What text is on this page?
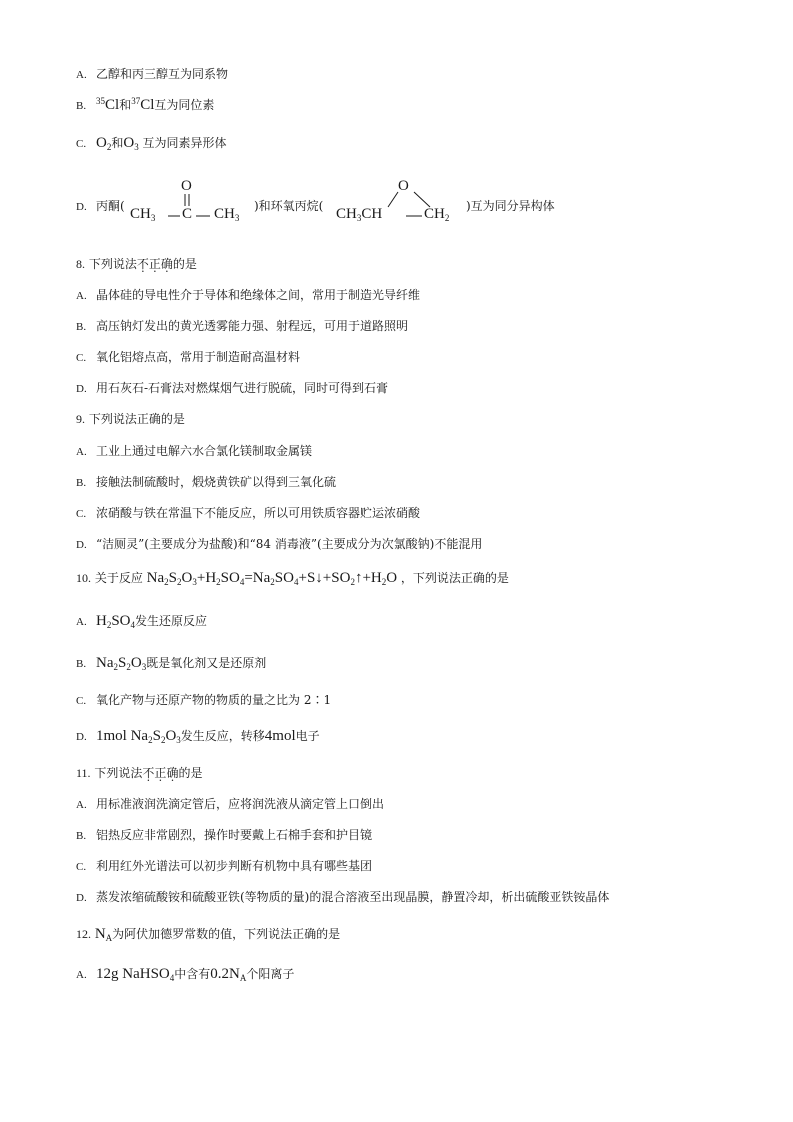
A. 乙醇和丙三醇互为同系物
B. $^{35}$Cl和$^{37}$Cl互为同位素
C. $O_2$和$O_3$ 互为同素异形体
D. 丙酮(
O
$CH_3$ C $CH_3$
)和环氧丙烷(
O
$CH_3CH$	$CH_2$
)互为同分异构体
8. 下列说法不正确的是
A. 晶体硅的导电性介于导体和绝缘体之间，常用于制造光导纤维
B. 高压钠灯发出的黄光透雾能力强、射程远，可用于道路照明
C. 氧化铝熔点高，常用于制造耐高温材料
D. 用石灰石-石膏法对燃煤烟气进行脱硫，同时可得到石膏
9. 下列说法正确的是
A. 工业上通过电解六水合氯化镁制取金属镁
B. 接触法制硫酸时，煅烧黄铁矿以得到三氧化硫
C. 浓硝酸与铁在常温下不能反应，所以可用铁质容器贮运浓硝酸
D. “洁厕灵”(主要成分为盐酸)和“84 消毒液”(主要成分为次氯酸钠)不能混用
10. 关于反应 $Na_2S_2O_3+H_2SO_4=Na_2SO_4+S↓+SO_2↑+H_2O$ ，下列说法正确的是
A. $H_2SO_4$发生还原反应
B. $Na_2S_2O_3$既是氧化剂又是还原剂
C. 氧化产物与还原产物的物质的量之比为 2∶1
D. 1mol $Na_2S_2O_3$发生反应，转移4mol电子
11. 下列说法不正确的是
A. 用标准液润洗滴定管后，应将润洗液从滴定管上口倒出
B. 铝热反应非常剧烈，操作时要戴上石棉手套和护目镜
C. 利用红外光谱法可以初步判断有机物中具有哪些基团
D. 蒸发浓缩硫酸铵和硫酸亚铁(等物质的量)的混合溶液至出现晶膜，静置冷却，析出硫酸亚铁铵晶体
12. $N_A$为阿伏加德罗常数的值，下列说法正确的是
A. 12g NaHSO$_4$中含有$0.2N_A$个阳离子
